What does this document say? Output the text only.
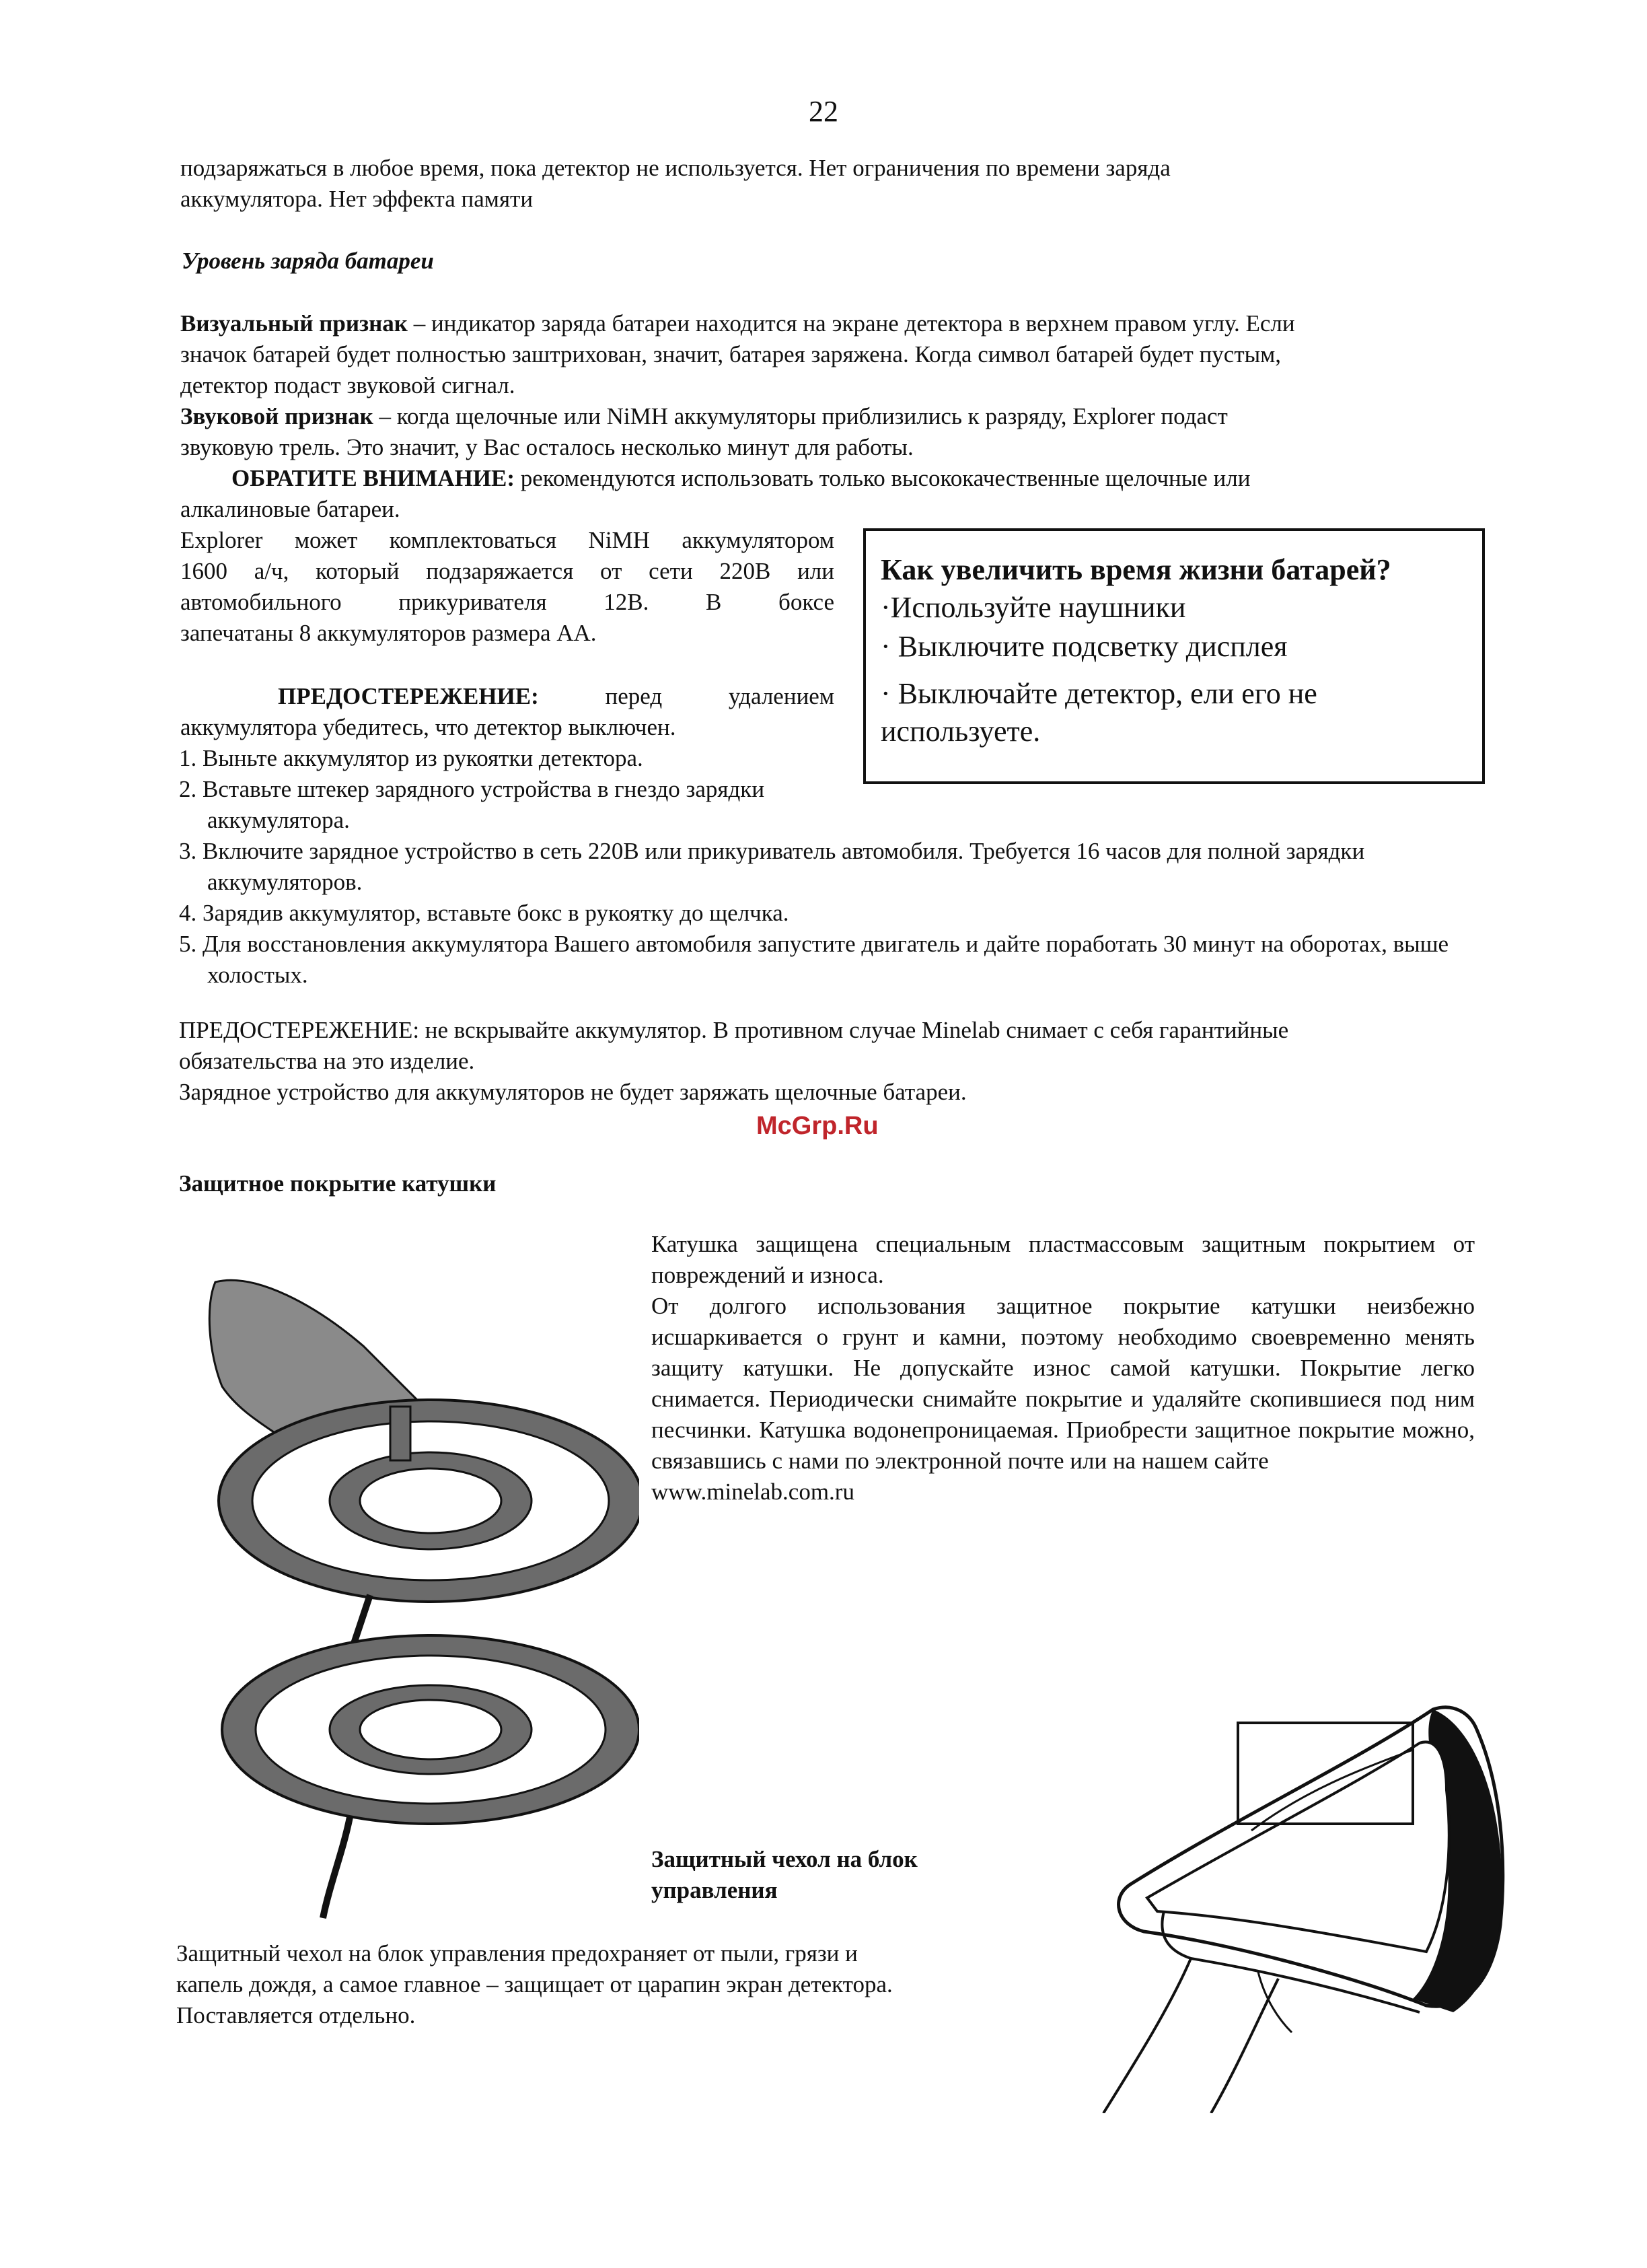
22
подзаряжаться в любое время, пока детектор не используется. Нет ограничения по времени заряда
аккумулятора. Нет эффекта памяти
Уровень заряда батареи
Визуальный признак – индикатор заряда батареи находится на экране детектора в верхнем правом углу. Если
значок батарей будет полностью заштрихован, значит, батарея заряжена. Когда символ батарей будет пустым,
детектор подаст звуковой сигнал.
Звуковой признак – когда щелочные или NiMH аккумуляторы приблизились к разряду, Explorer подаст
звуковую трель. Это значит, у Вас осталось несколько минут для работы.
ОБРАТИТЕ ВНИМАНИЕ: рекомендуются использовать только высококачественные щелочные или
алкалиновые батареи.
Explorer может комплектоваться NiMH аккумулятором
1600 а/ч, который подзаряжается от сети 220В или
автомобильного прикуривателя 12В. В боксе
запечатаны 8 аккумуляторов размера АА.
ПРЕДОСТЕРЕЖЕНИЕ: перед удалением
аккумулятора убедитесь, что детектор выключен.
1. Выньте аккумулятор из рукоятки детектора.
2. Вставьте штекер зарядного устройства в гнездо зарядки аккумулятора.
3. Включите зарядное устройство в сеть 220В или прикуриватель автомобиля. Требуется 16 часов для полной зарядки аккумуляторов.
4. Зарядив аккумулятор, вставьте бокс в рукоятку до щелчка.
5. Для восстановления аккумулятора Вашего автомобиля запустите двигатель и дайте поработать 30 минут на оборотах, выше холостых.
Как увеличить время жизни батарей?
·Используйте наушники
· Выключите подсветку дисплея
· Выключайте детектор, ели его не используете.
ПРЕДОСТЕРЕЖЕНИЕ: не вскрывайте аккумулятор. В противном случае Minelab снимает с себя гарантийные
обязательства на это изделие.
Зарядное устройство для аккумуляторов не будет заряжать щелочные батареи.
McGrp.Ru
Защитное покрытие катушки
Катушка защищена специальным пластмассовым защитным покрытием от повреждений и износа.
От долгого использования защитное покрытие катушки неизбежно исшаркивается о грунт и камни, поэтому необходимо своевременно менять защиту катушки. Не допускайте износ самой катушки. Покрытие легко снимается. Периодически снимайте покрытие и удаляйте скопившиеся под ним песчинки. Катушка водонепроницаемая. Приобрести защитное покрытие можно, связавшись с нами по электронной почте или на нашем сайте
www.minelab.com.ru
Защитный чехол на блок
управления
Защитный чехол на блок управления предохраняет от пыли, грязи и
капель дождя, а самое главное – защищает от царапин экран детектора.
Поставляется отдельно.
